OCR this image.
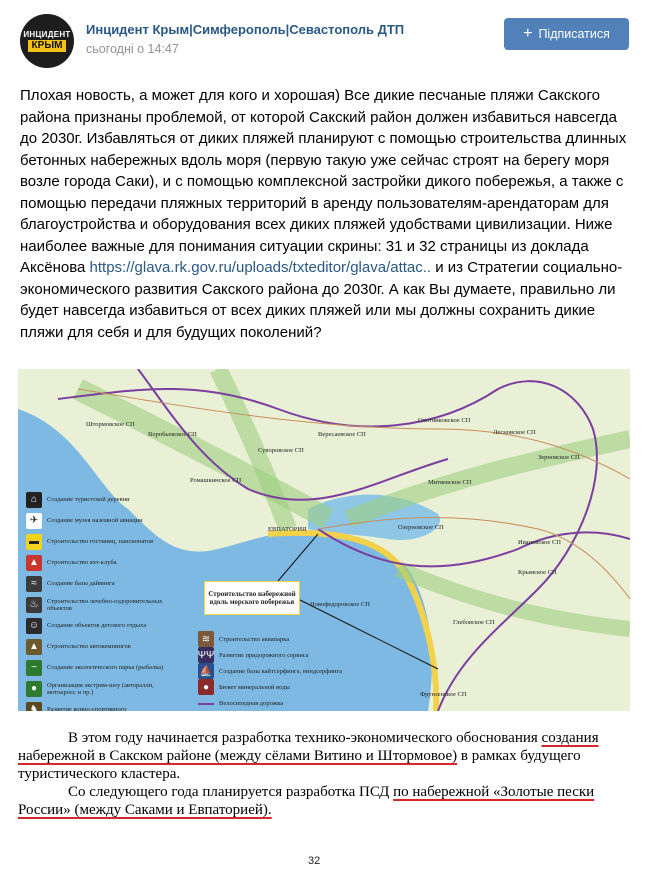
ИНЦИДЕНТ
КРЫМ
Инцидент Крым|Симферополь|Севастополь ДТП
сьогодні о 14:47
+ Підписатися
Плохая новость, а может для кого и хорошая) Все дикие песчаные пляжи Сакского района признаны проблемой, от которой Сакский район должен избавиться навсегда до 2030г. Избавляться от диких пляжей планируют с помощью строительства длинных бетонных набережных вдоль моря (первую такую уже сейчас строят на берегу моря возле города Саки), и с помощью комплексной застройки дикого побережья, а также с помощью передачи пляжных территорий в аренду пользователям-арендаторам для благоустройства и оборудования всех диких пляжей удобствами цивилизации. Ниже наиболее важные для понимания ситуации скрины: 31 и 32 страницы из доклада Аксёнова https://glava.rk.gov.ru/uploads/txteditor/glava/attac.. и из Стратегии социально-экономического развития Сакского района до 2030г. А как Вы думаете, правильно ли будет навсегда избавиться от всех диких пляжей или мы должны сохранить дикие пляжи для себя и для будущих поколений?
Штормовское СП
Воробьевское СП
Суворовское СП
Вересаевское СП
Охотниковское СП
Лесновское СП
Зерновское СП
Ромашкинское СП	Митяевское СП
ЕВПАТОРИЯ
Крымское СП
Новофедоровское СП
Глебовское СП
Ивановское СП
Фрунзенское СП
Озерновское СП
Строительство набережной вдоль морского побережья
⌂	Создание туристской деревни
✈	Создание музея наземной авиации
▬	Строительство гостиниц, пансионатов
▲	Строительство яхт-клуба
≈	Создание базы дайвинга
♨	Строительство лечебно-оздоровительных объектов
☺	Создание объектов детского отдыха
▲	Строительство автокемпингов
~	Создание экологического парка (рыбалка)
●	Организация экстрим-шоу (авторалли, мотокросс и пр.)
♞	Развитие конно-спортивного
≋	Строительство аквапарка
ΨΨ Развитие придорожного сервиса
⛵ Создание базы кайтсерфинга, виндсерфинга
●	Бювет минеральной воды
Велосипедная дорожка

В этом году начинается разработка технико-экономического обоснования создания набережной в Сакском районе (между сёлами Витино и Штормовое) в рамках будущего туристического кластера.

Со следующего года планируется разработка ПСД по набережной «Золотые пески России» (между Саками и Евпаторией).

32
